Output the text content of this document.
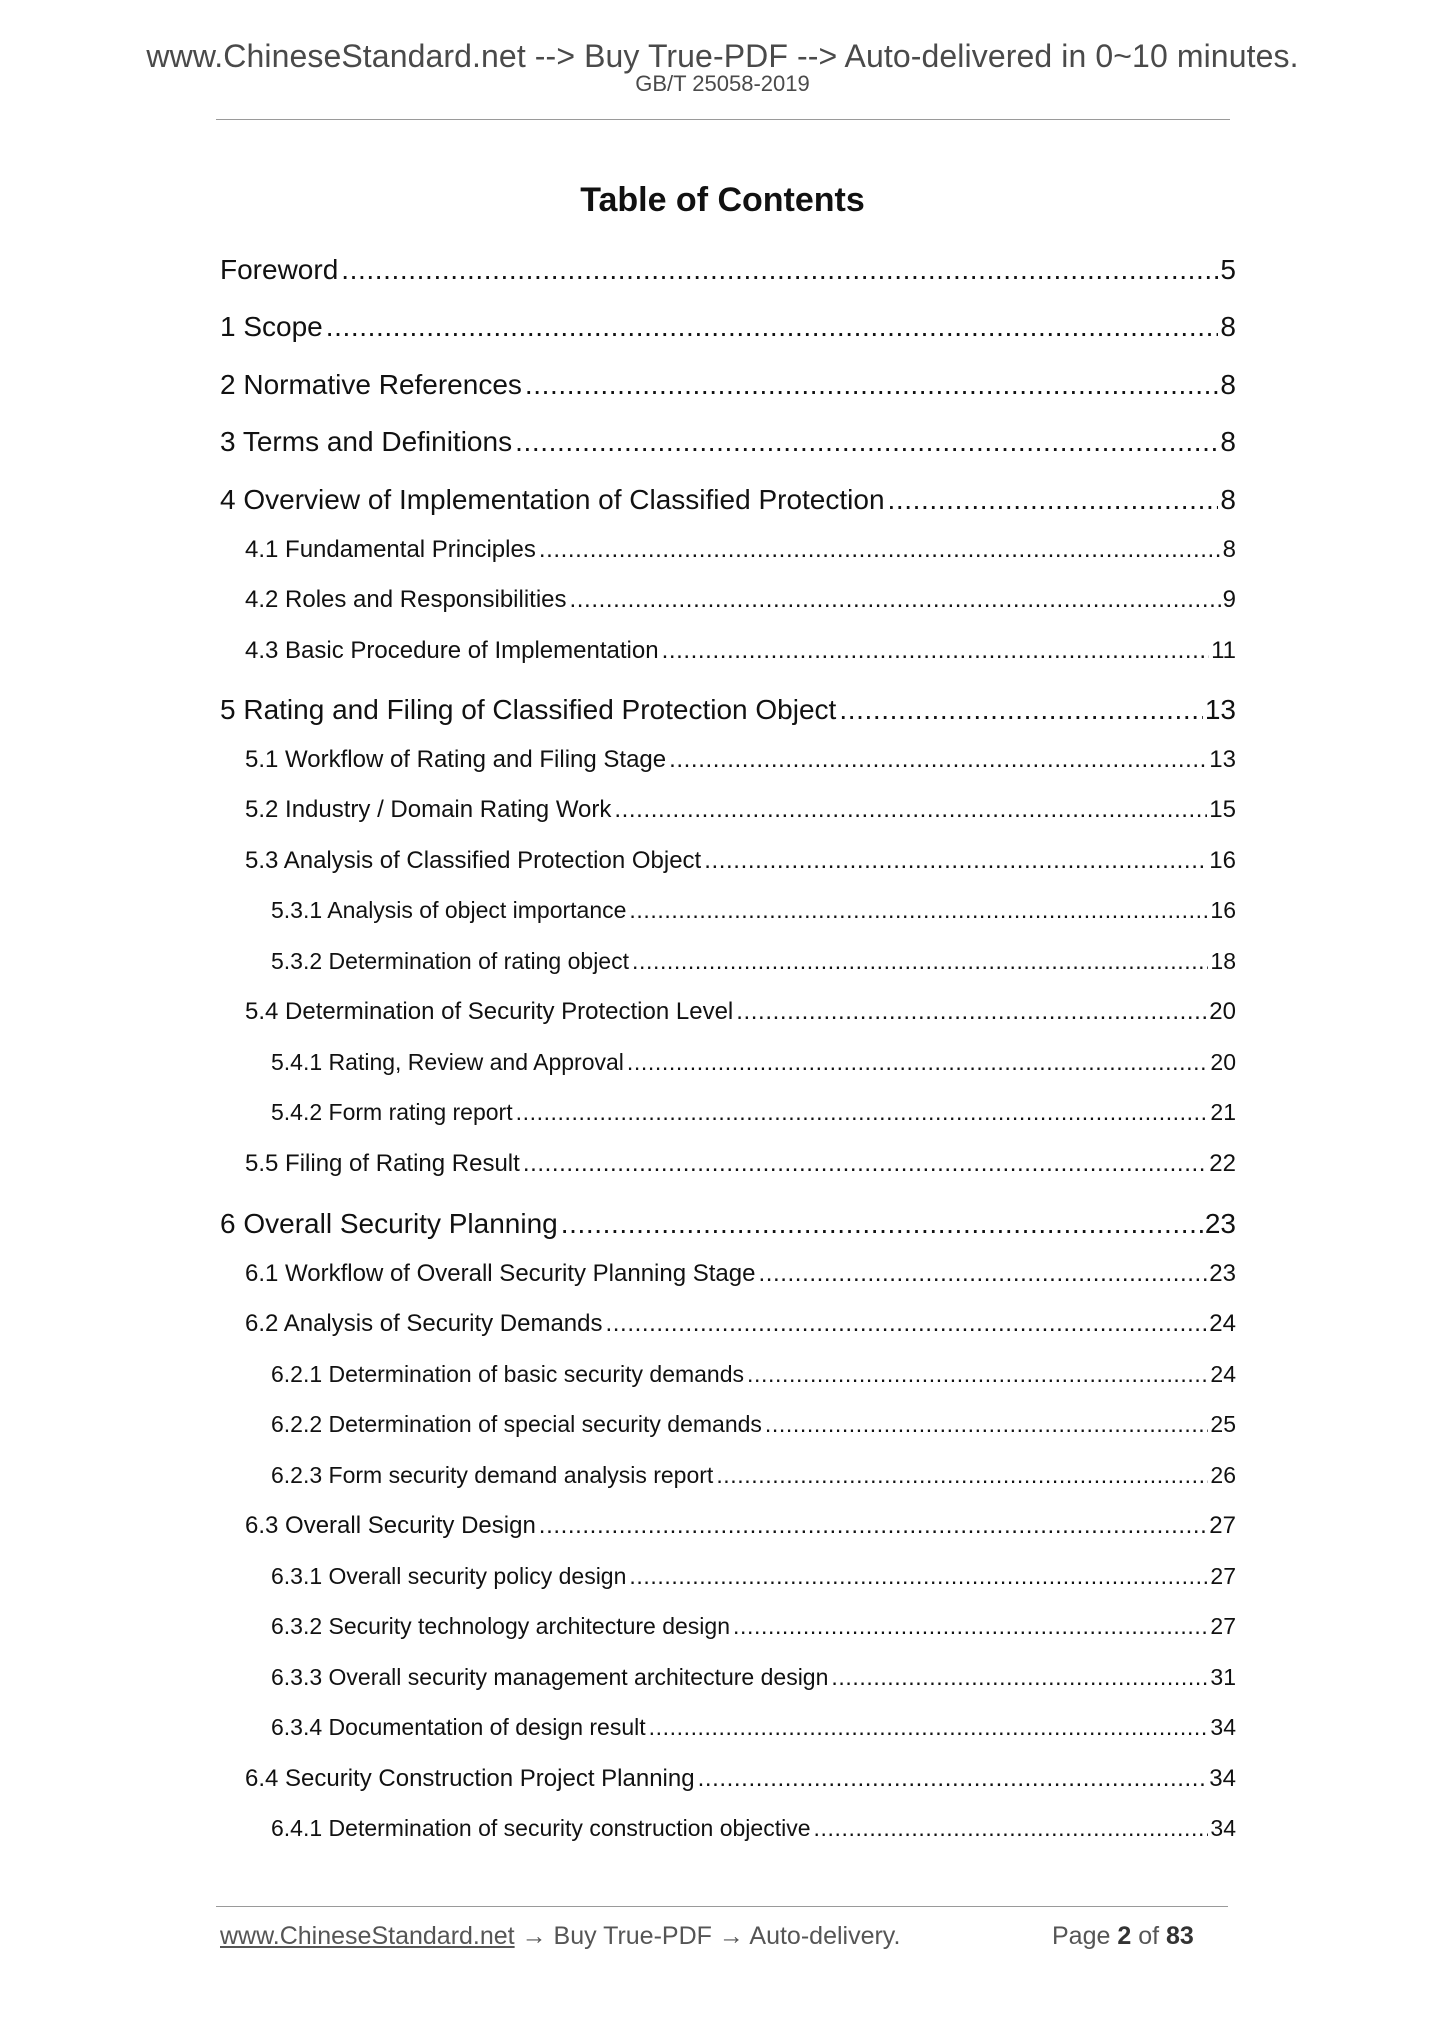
www.ChineseStandard.net --> Buy True-PDF --> Auto-delivered in 0~10 minutes.
GB/T 25058-2019
Table of Contents
Foreword .....	5
1 Scope .....	8
2 Normative References .....	8
3 Terms and Definitions .....	8
4 Overview of Implementation of Classified Protection .....	8
4.1 Fundamental Principles .....	8
4.2 Roles and Responsibilities .....	9
4.3 Basic Procedure of Implementation .....	11
5 Rating and Filing of Classified Protection Object .....	13
5.1 Workflow of Rating and Filing Stage .....	13
5.2 Industry / Domain Rating Work .....	15
5.3 Analysis of Classified Protection Object .....	16
5.3.1 Analysis of object importance .....	16
5.3.2 Determination of rating object .....	18
5.4 Determination of Security Protection Level .....	20
5.4.1 Rating, Review and Approval .....	20
5.4.2 Form rating report .....	21
5.5 Filing of Rating Result .....	22
6 Overall Security Planning .....	23
6.1 Workflow of Overall Security Planning Stage .....	23
6.2 Analysis of Security Demands .....	24
6.2.1 Determination of basic security demands .....	24
6.2.2 Determination of special security demands .....	25
6.2.3 Form security demand analysis report .....	26
6.3 Overall Security Design .....	27
6.3.1 Overall security policy design .....	27
6.3.2 Security technology architecture design .....	27
6.3.3 Overall security management architecture design .....	31
6.3.4 Documentation of design result .....	34
6.4 Security Construction Project Planning .....	34
6.4.1 Determination of security construction objective .....	34
www.ChineseStandard.net → Buy True-PDF → Auto-delivery.	Page 2 of 83
